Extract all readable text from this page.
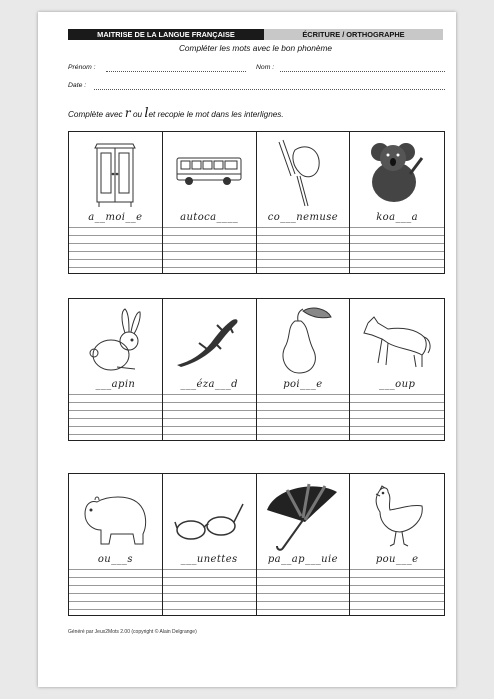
MAITRISE DE LA LANGUE FRANÇAISE	ÉCRITURE / ORTHOGRAPHE
Compléter les mots avec le bon phonème
Prénom :	Nom :
Date :
Complète avec r ou let recopie le mot dans les interlignes.
a__moi__e	autoca____	co___nemuse	koa___a
___apin	___éza___d	poi___e	___oup
ou___s	___unettes	pa__ap___uie	pou___e
Généré par Jeux2Mots 2.00 (copyright © Alain Delgrange)
